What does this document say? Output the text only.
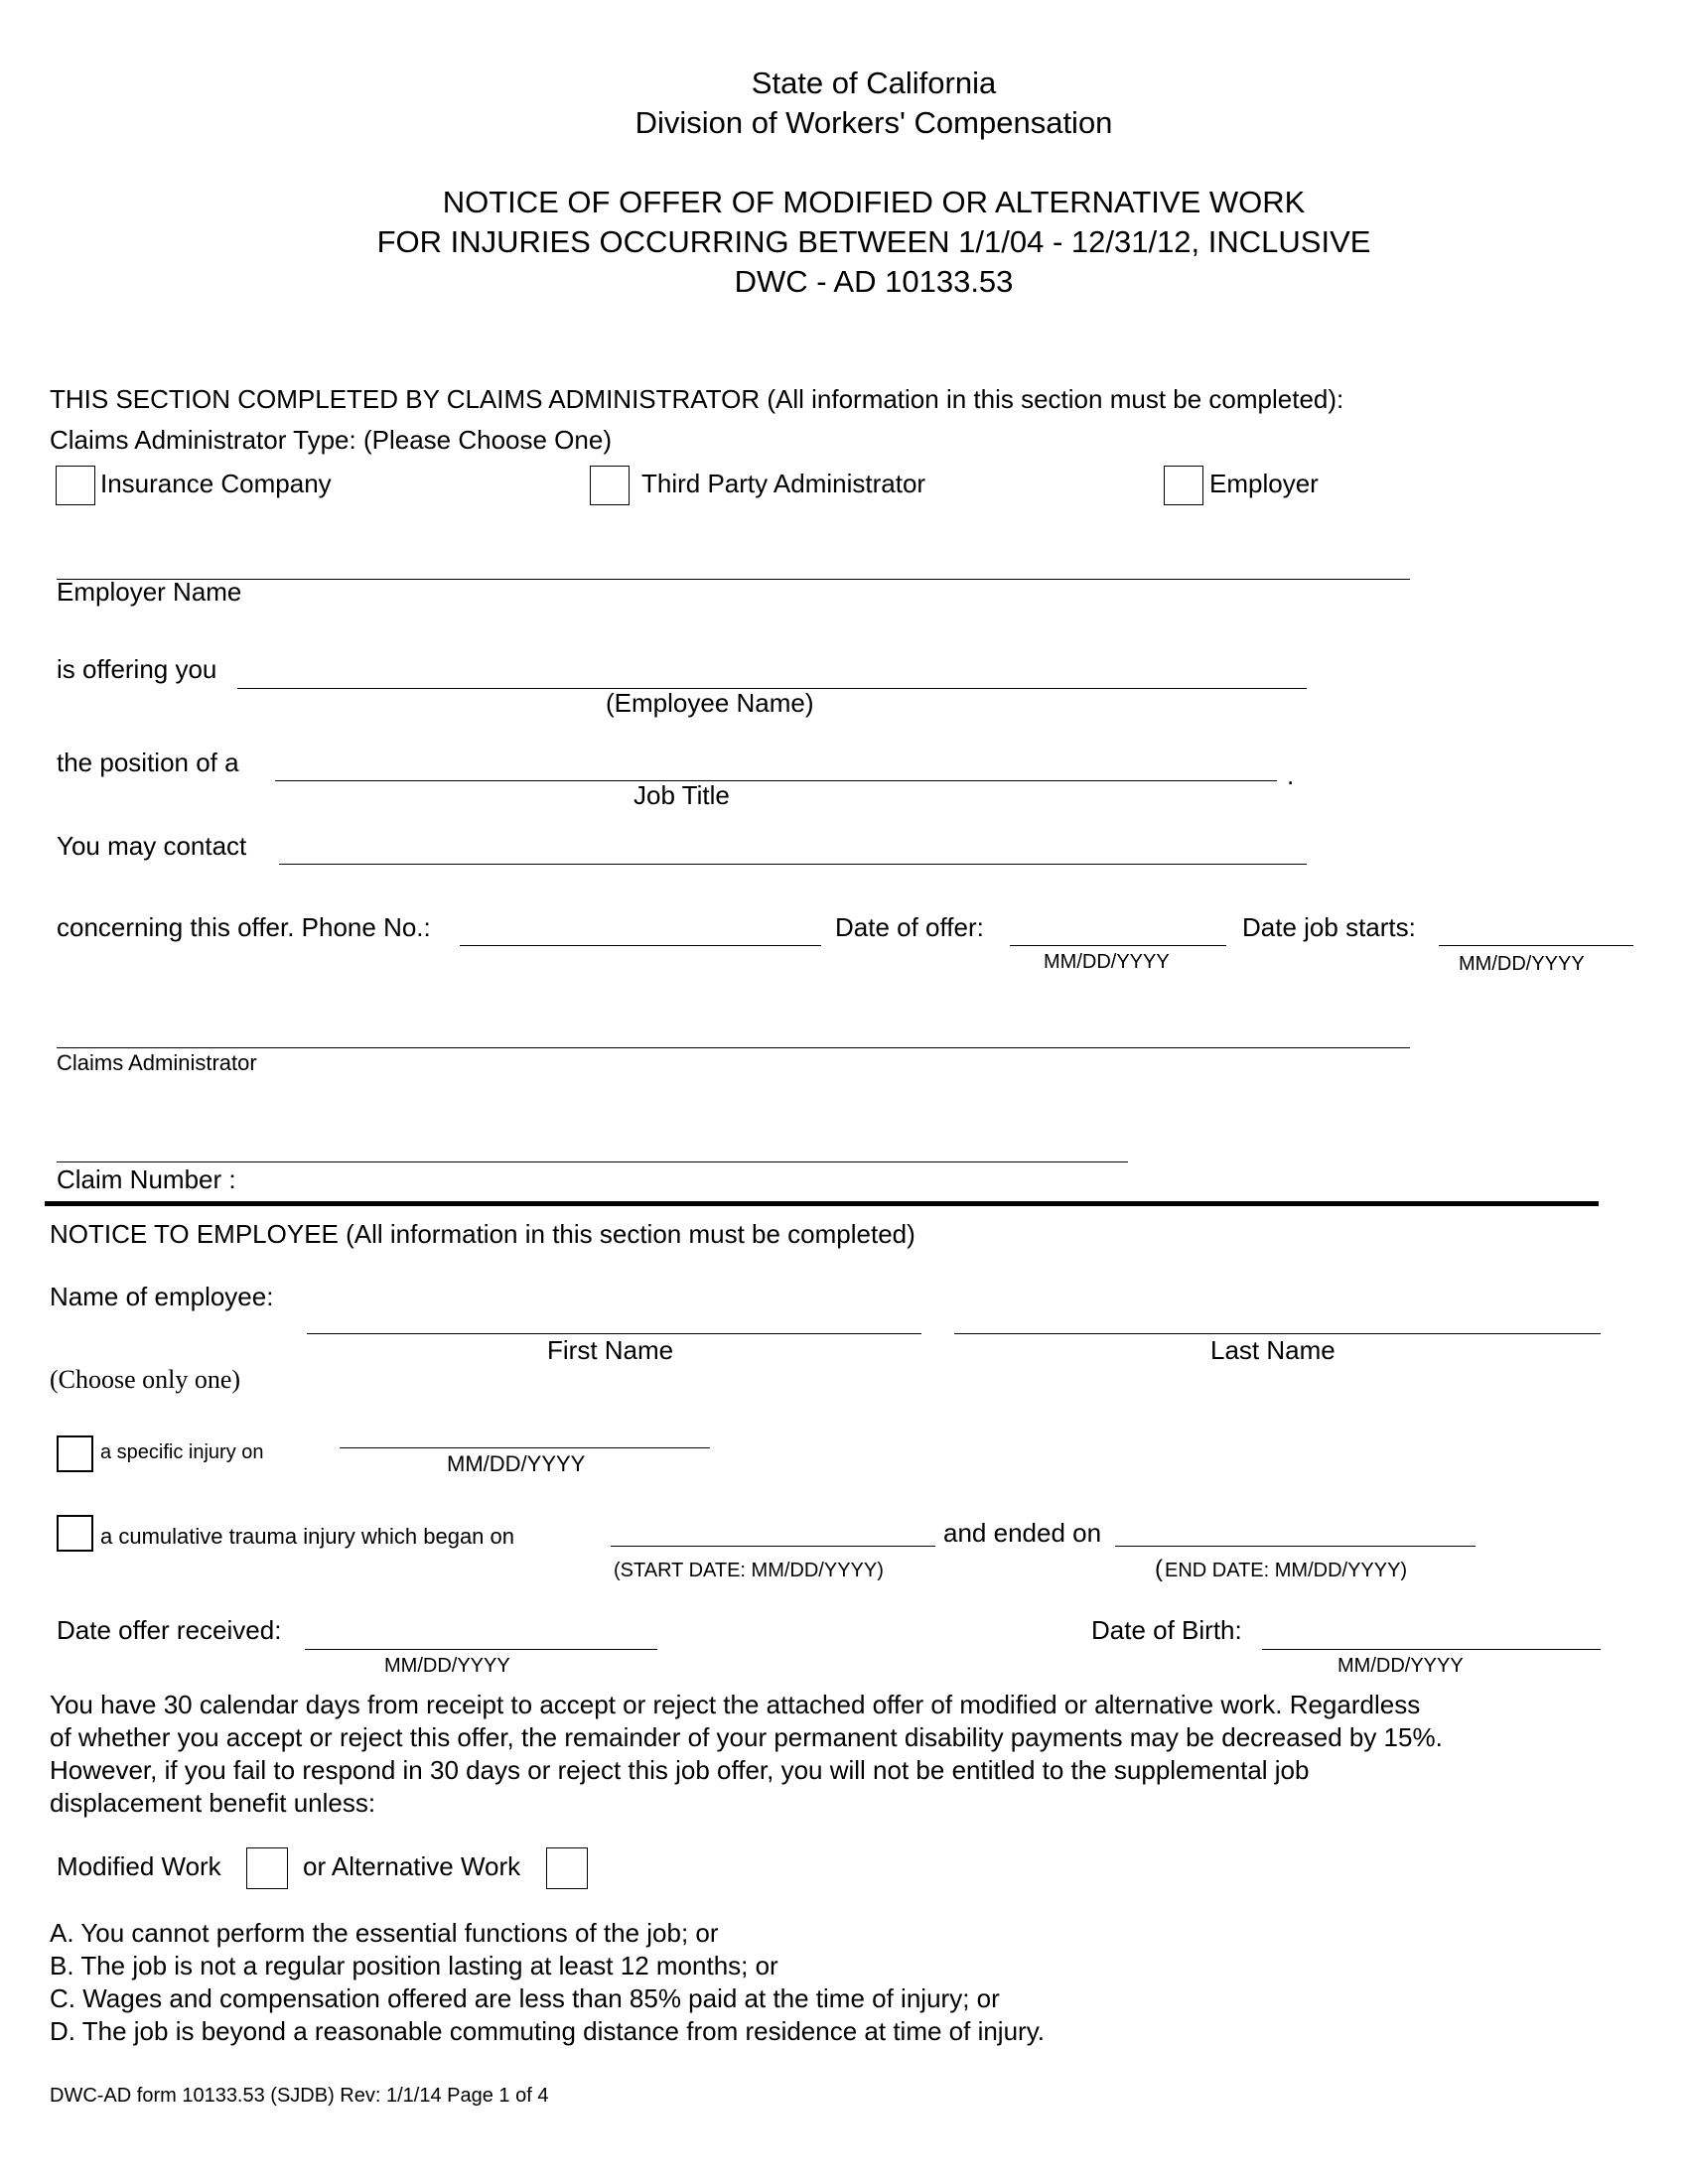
State of California
Division of Workers' Compensation
NOTICE OF OFFER OF MODIFIED OR ALTERNATIVE WORK
FOR INJURIES OCCURRING BETWEEN 1/1/04 - 12/31/12, INCLUSIVE
DWC - AD 10133.53
THIS SECTION COMPLETED BY CLAIMS ADMINISTRATOR (All information in this section must be completed):
Claims Administrator Type: (Please Choose One)
Insurance Company	Third Party Administrator	Employer
Employer Name
is offering you
(Employee Name)
the position of a	.
Job Title
You may contact
concerning this offer. Phone No.:	Date of offer:
MM/DD/YYYY
Date job starts:
MM/DD/YYYY
Claims Administrator
Claim Number :
NOTICE TO EMPLOYEE (All information in this section must be completed)
Name of employee:
First Name	Last Name
(Choose only one)
a specific injury on	MM/DD/YYYY
a cumulative trauma injury which began on	and ended on
(START DATE: MM/DD/YYYY)	( END DATE: MM/DD/YYYY)
Date offer received:
MM/DD/YYYY
Date of Birth:
MM/DD/YYYY
You have 30 calendar days from receipt to accept or reject the attached offer of modified or alternative work. Regardless
of whether you accept or reject this offer, the remainder of your permanent disability payments may be decreased by 15%.
However, if you fail to respond in 30 days or reject this job offer, you will not be entitled to the supplemental job
displacement benefit unless:
Modified Work	or Alternative Work
A. You cannot perform the essential functions of the job; or
B. The job is not a regular position lasting at least 12 months; or
C. Wages and compensation offered are less than 85% paid at the time of injury; or
D. The job is beyond a reasonable commuting distance from residence at time of injury.
DWC-AD form 10133.53 (SJDB) Rev: 1/1/14 Page 1 of 4
